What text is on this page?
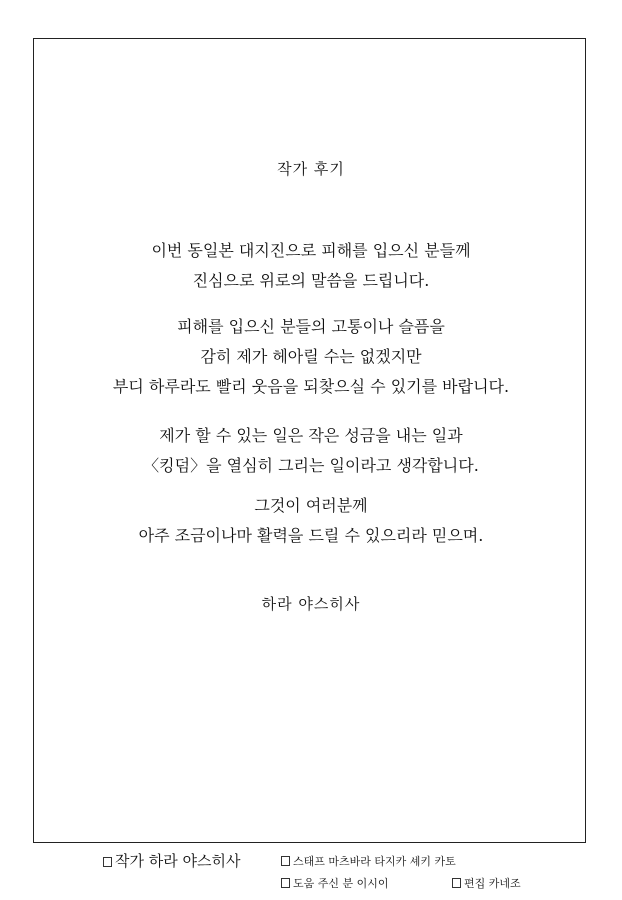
작가 후기
이번 동일본 대지진으로 피해를 입으신 분들께
진심으로 위로의 말씀을 드립니다.
피해를 입으신 분들의 고통이나 슬픔을
감히 제가 헤아릴 수는 없겠지만
부디 하루라도 빨리 웃음을 되찾으실 수 있기를 바랍니다.
제가 할 수 있는 일은 작은 성금을 내는 일과
〈킹덤〉을 열심히 그리는 일이라고 생각합니다.
그것이 여러분께
아주 조금이나마 활력을 드릴 수 있으리라 믿으며.
하라 야스히사
작가 하라 야스히사	스태프 마츠바라 타지카 셰키 카토
도움 주신 분 이시이	편집 카네조
